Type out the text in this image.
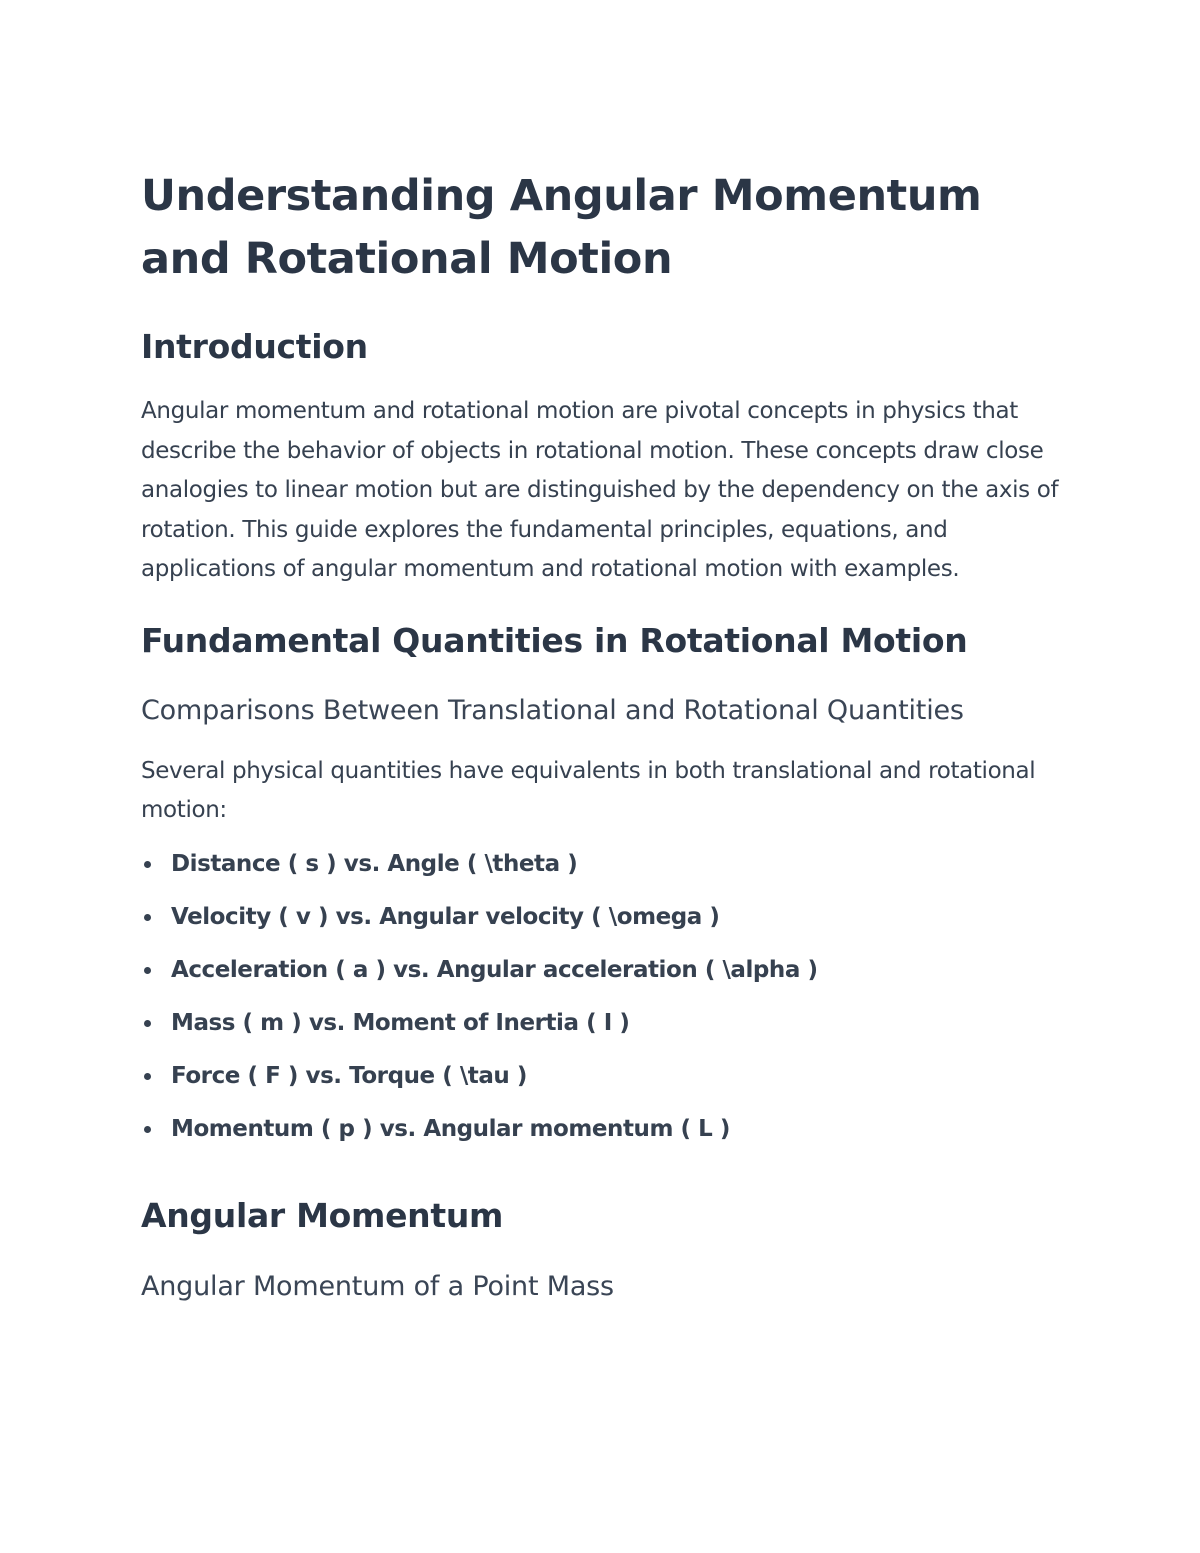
Understanding Angular Momentum and Rotational Motion
Introduction

Angular momentum and rotational motion are pivotal concepts in physics that describe the behavior of objects in rotational motion. These concepts draw close analogies to linear motion but are distinguished by the dependency on the axis of rotation. This guide explores the fundamental principles, equations, and applications of angular momentum and rotational motion with examples.

Fundamental Quantities in Rotational Motion
Comparisons Between Translational and Rotational Quantities

Several physical quantities have equivalents in both translational and rotational motion:

Distance ( s ) vs. Angle ( \theta )
Velocity ( v ) vs. Angular velocity ( \omega )
Acceleration ( a ) vs. Angular acceleration ( \alpha )
Mass ( m ) vs. Moment of Inertia ( I )
Force ( F ) vs. Torque ( \tau )
Momentum ( p ) vs. Angular momentum ( L )
Angular Momentum
Angular Momentum of a Point Mass
